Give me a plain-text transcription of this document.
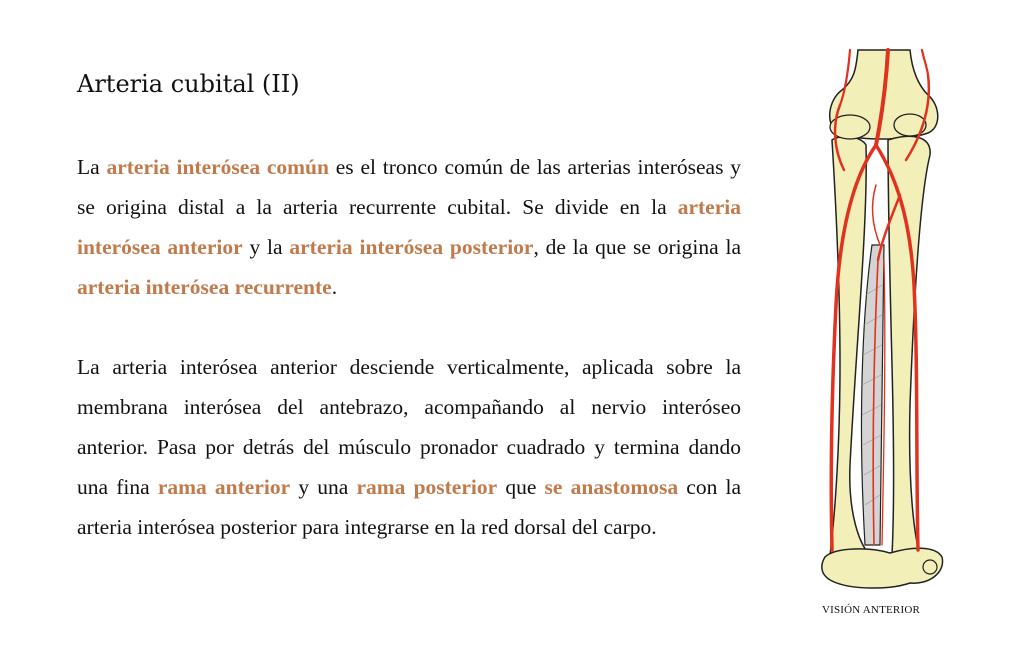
Arteria cubital (II)

La arteria interósea común es el tronco común de las arterias interóseas y se origina distal a la arteria recurrente cubital. Se divide en la arteria interósea anterior y la arteria interósea posterior, de la que se origina la arteria interósea recurrente.

La arteria interósea anterior desciende verticalmente, aplicada sobre la membrana interósea del antebrazo, acompañando al nervio interóseo anterior. Pasa por detrás del músculo pronador cuadrado y termina dando una fina rama anterior y una rama posterior que se anastomosa con la arteria interósea posterior para integrarse en la red dorsal del carpo.

VISIÓN ANTERIOR
